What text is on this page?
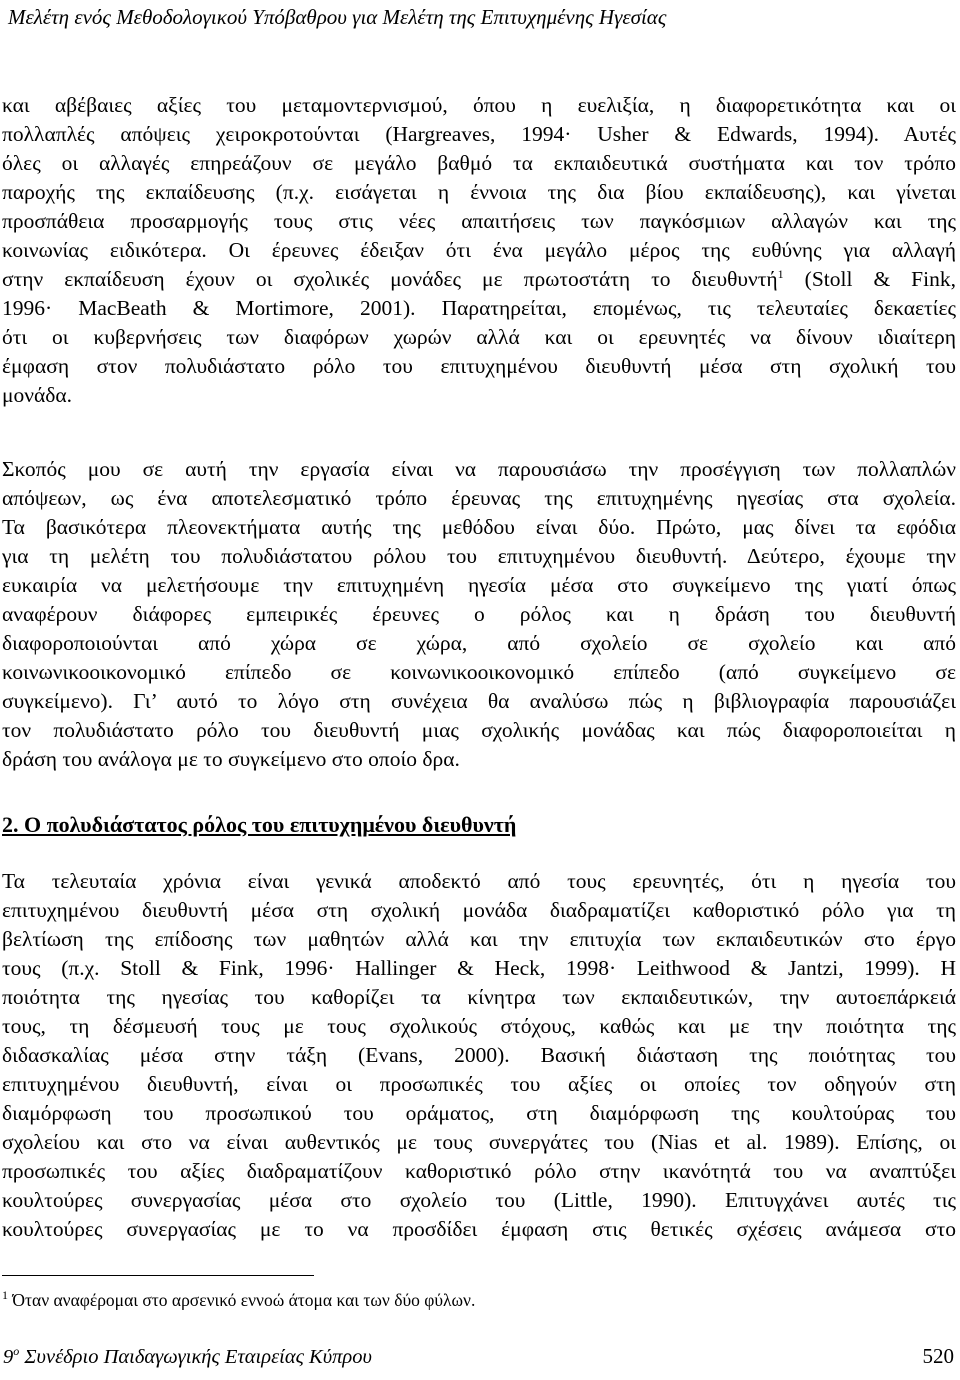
Μελέτη ενός Μεθοδολογικού Υπόβαθρου για Μελέτη της Επιτυχημένης Ηγεσίας
και αβέβαιες αξίες του μεταμοντερνισμού, όπου η ευελιξία, η διαφορετικότητα και οι
πολλαπλές απόψεις χειροκροτούνται (Hargreaves, 1994· Usher & Edwards, 1994). Αυτές
όλες οι αλλαγές επηρεάζουν σε μεγάλο βαθμό τα εκπαιδευτικά συστήματα και τον τρόπο
παροχής της εκπαίδευσης (π.χ. εισάγεται η έννοια της δια βίου εκπαίδευσης), και γίνεται
προσπάθεια προσαρμογής τους στις νέες απαιτήσεις των παγκόσμιων αλλαγών και της
κοινωνίας ειδικότερα. Οι έρευνες έδειξαν ότι ένα μεγάλο μέρος της ευθύνης για αλλαγή
στην εκπαίδευση έχουν οι σχολικές μονάδες με πρωτοστάτη το διευθυντή$^1$ (Stoll & Fink,
1996· MacBeath & Mortimore, 2001). Παρατηρείται, επομένως, τις τελευταίες δεκαετίες
ότι οι κυβερνήσεις των διαφόρων χωρών αλλά και οι ερευνητές να δίνουν ιδιαίτερη
έμφαση στον πολυδιάστατο ρόλο του επιτυχημένου διευθυντή μέσα στη σχολική του
μονάδα.
Σκοπός μου σε αυτή την εργασία είναι να παρουσιάσω την προσέγγιση των πολλαπλών
απόψεων, ως ένα αποτελεσματικό τρόπο έρευνας της επιτυχημένης ηγεσίας στα σχολεία.
Τα βασικότερα πλεονεκτήματα αυτής της μεθόδου είναι δύο. Πρώτο, μας δίνει τα εφόδια
για τη μελέτη του πολυδιάστατου ρόλου του επιτυχημένου διευθυντή. Δεύτερο, έχουμε την
ευκαιρία να μελετήσουμε την επιτυχημένη ηγεσία μέσα στο συγκείμενο της γιατί όπως
αναφέρουν διάφορες εμπειρικές έρευνες ο ρόλος και η δράση του διευθυντή
διαφοροποιούνται από χώρα σε χώρα, από σχολείο σε σχολείο και από
κοινωνικοοικονομικό επίπεδο σε κοινωνικοοικονομικό επίπεδο (από συγκείμενο σε
συγκείμενο). Γι’ αυτό το λόγο στη συνέχεια θα αναλύσω πώς η βιβλιογραφία παρουσιάζει
τον πολυδιάστατο ρόλο του διευθυντή μιας σχολικής μονάδας και πώς διαφοροποιείται η
δράση του ανάλογα με το συγκείμενο στο οποίο δρα.
2. Ο πολυδιάστατος ρόλος του επιτυχημένου διευθυντή
Τα τελευταία χρόνια είναι γενικά αποδεκτό από τους ερευνητές, ότι η ηγεσία του
επιτυχημένου διευθυντή μέσα στη σχολική μονάδα διαδραματίζει καθοριστικό ρόλο για τη
βελτίωση της επίδοσης των μαθητών αλλά και την επιτυχία των εκπαιδευτικών στο έργο
τους (π.χ. Stoll & Fink, 1996· Hallinger & Heck, 1998· Leithwood & Jantzi, 1999). Η
ποιότητα της ηγεσίας του καθορίζει τα κίνητρα των εκπαιδευτικών, την αυτοεπάρκειά
τους, τη δέσμευσή τους με τους σχολικούς στόχους, καθώς και με την ποιότητα της
διδασκαλίας μέσα στην τάξη (Evans, 2000). Βασική διάσταση της ποιότητας του
επιτυχημένου διευθυντή, είναι οι προσωπικές του αξίες οι οποίες τον οδηγούν στη
διαμόρφωση του προσωπικού του οράματος, στη διαμόρφωση της κουλτούρας του
σχολείου και στο να είναι αυθεντικός με τους συνεργάτες του (Nias et al. 1989). Επίσης, οι
προσωπικές του αξίες διαδραματίζουν καθοριστικό ρόλο στην ικανότητά του να αναπτύξει
κουλτούρες συνεργασίας μέσα στο σχολείο του (Little, 1990). Επιτυγχάνει αυτές τις
κουλτούρες συνεργασίας με το να προσδίδει έμφαση στις θετικές σχέσεις ανάμεσα στο
$^1$ Όταν αναφέρομαι στο αρσενικό εννοώ άτομα και των δύο φύλων.
$9^o$ Συνέδριο Παιδαγωγικής Εταιρείας Κύπρου	520
